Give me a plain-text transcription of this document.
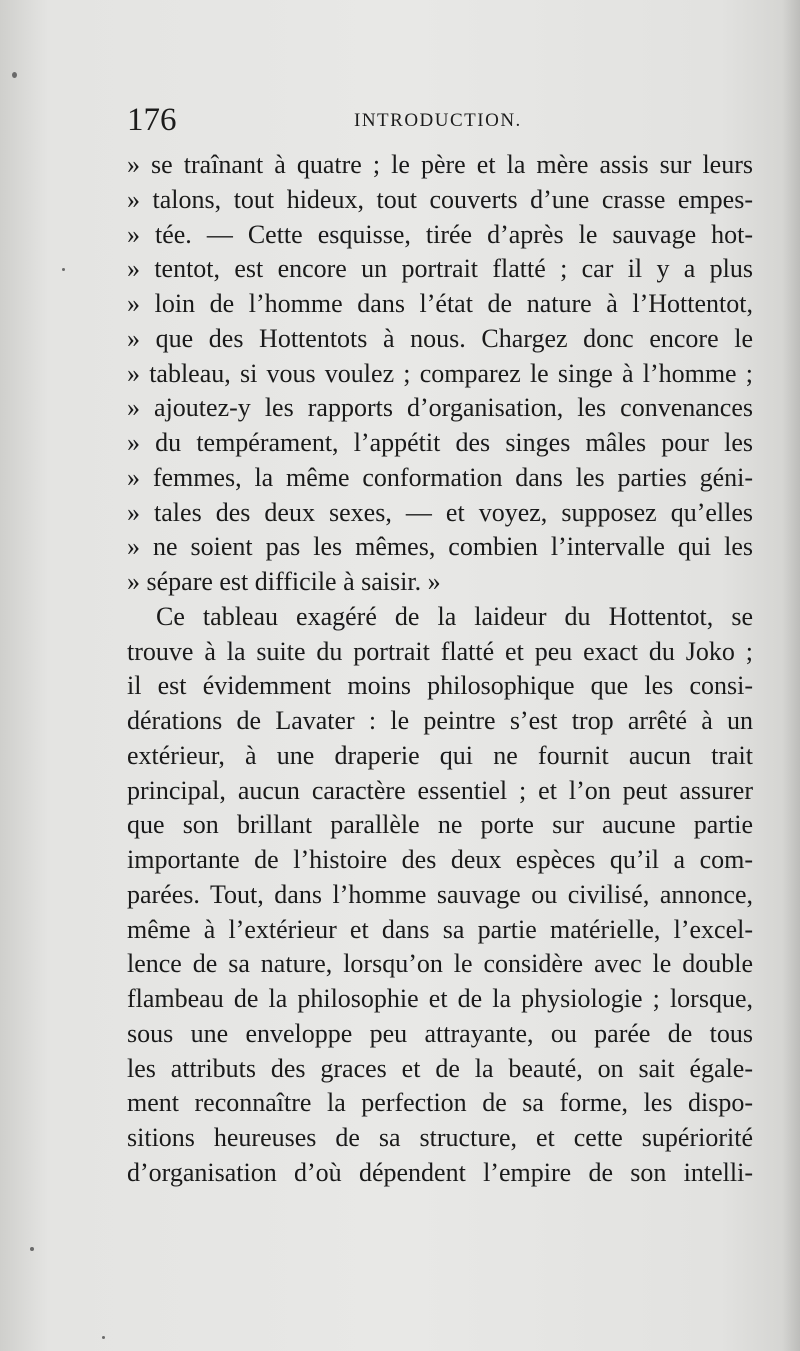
176	INTRODUCTION.
» se traînant à quatre ; le père et la mère assis sur leurs
» talons, tout hideux, tout couverts d’une crasse empes-
» tée. — Cette esquisse, tirée d’après le sauvage hot-
» tentot, est encore un portrait flatté ; car il y a plus
» loin de l’homme dans l’état de nature à l’Hottentot,
» que des Hottentots à nous. Chargez donc encore le
» tableau, si vous voulez ; comparez le singe à l’homme ;
» ajoutez-y les rapports d’organisation, les convenances
» du tempérament, l’appétit des singes mâles pour les
» femmes, la même conformation dans les parties géni-
» tales des deux sexes, — et voyez, supposez qu’elles
» ne soient pas les mêmes, combien l’intervalle qui les
» sépare est difficile à saisir. »
Ce tableau exagéré de la laideur du Hottentot, se
trouve à la suite du portrait flatté et peu exact du Joko ;
il est évidemment moins philosophique que les consi-
dérations de Lavater : le peintre s’est trop arrêté à un
extérieur, à une draperie qui ne fournit aucun trait
principal, aucun caractère essentiel ; et l’on peut assurer
que son brillant parallèle ne porte sur aucune partie
importante de l’histoire des deux espèces qu’il a com-
parées. Tout, dans l’homme sauvage ou civilisé, annonce,
même à l’extérieur et dans sa partie matérielle, l’excel-
lence de sa nature, lorsqu’on le considère avec le double
flambeau de la philosophie et de la physiologie ; lorsque,
sous une enveloppe peu attrayante, ou parée de tous
les attributs des graces et de la beauté, on sait égale-
ment reconnaître la perfection de sa forme, les dispo-
sitions heureuses de sa structure, et cette supériorité
d’organisation d’où dépendent l’empire de son intelli-
